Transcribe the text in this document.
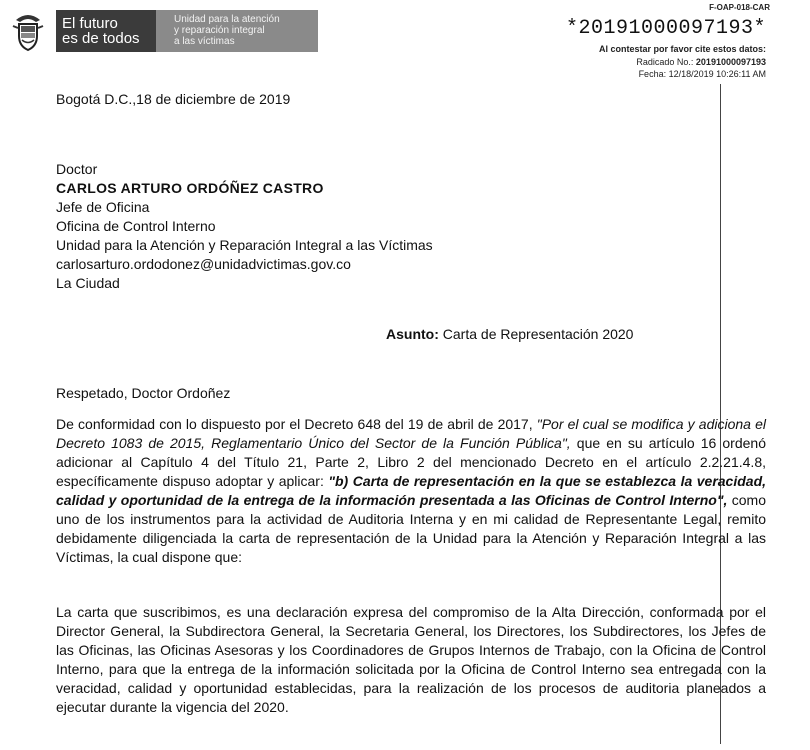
El futuro
es de todos
Unidad para la atención
y reparación integral
a las víctimas
F-OAP-018-CAR
*20191000097193*
Al contestar por favor cite estos datos:
Radicado No.: 20191000097193
Fecha: 12/18/2019 10:26:11 AM
Bogotá D.C.,18 de diciembre de 2019
Doctor
CARLOS ARTURO ORDÓÑEZ CASTRO
Jefe de Oficina
Oficina de Control Interno
Unidad para la Atención y Reparación Integral a las Víctimas
carlosarturo.ordodonez@unidadvictimas.gov.co
La Ciudad
Asunto: Carta de Representación 2020
Respetado, Doctor Ordoñez
De conformidad con lo dispuesto por el Decreto 648 del 19 de abril de 2017, "Por el cual se modifica y adiciona el Decreto 1083 de 2015, Reglamentario Único del Sector de la Función Pública", que en su artículo 16 ordenó adicionar al Capítulo 4 del Título 21, Parte 2, Libro 2 del mencionado Decreto en el artículo 2.2.21.4.8, específicamente dispuso adoptar y aplicar: "b) Carta de representación en la que se establezca la veracidad, calidad y oportunidad de la entrega de la información presentada a las Oficinas de Control Interno", como uno de los instrumentos para la actividad de Auditoria Interna y en mi calidad de Representante Legal, remito debidamente diligenciada la carta de representación de la Unidad para la Atención y Reparación Integral a las Víctimas, la cual dispone que:
La carta que suscribimos, es una declaración expresa del compromiso de la Alta Dirección, conformada por el Director General, la Subdirectora General, la Secretaria General, los Directores, los Subdirectores, los Jefes de las Oficinas, las Oficinas Asesoras y los Coordinadores de Grupos Internos de Trabajo, con la Oficina de Control Interno, para que la entrega de la información solicitada por la Oficina de Control Interno sea entregada con la veracidad, calidad y oportunidad establecidas, para la realización de los procesos de auditoria planeados a ejecutar durante la vigencia del 2020.
